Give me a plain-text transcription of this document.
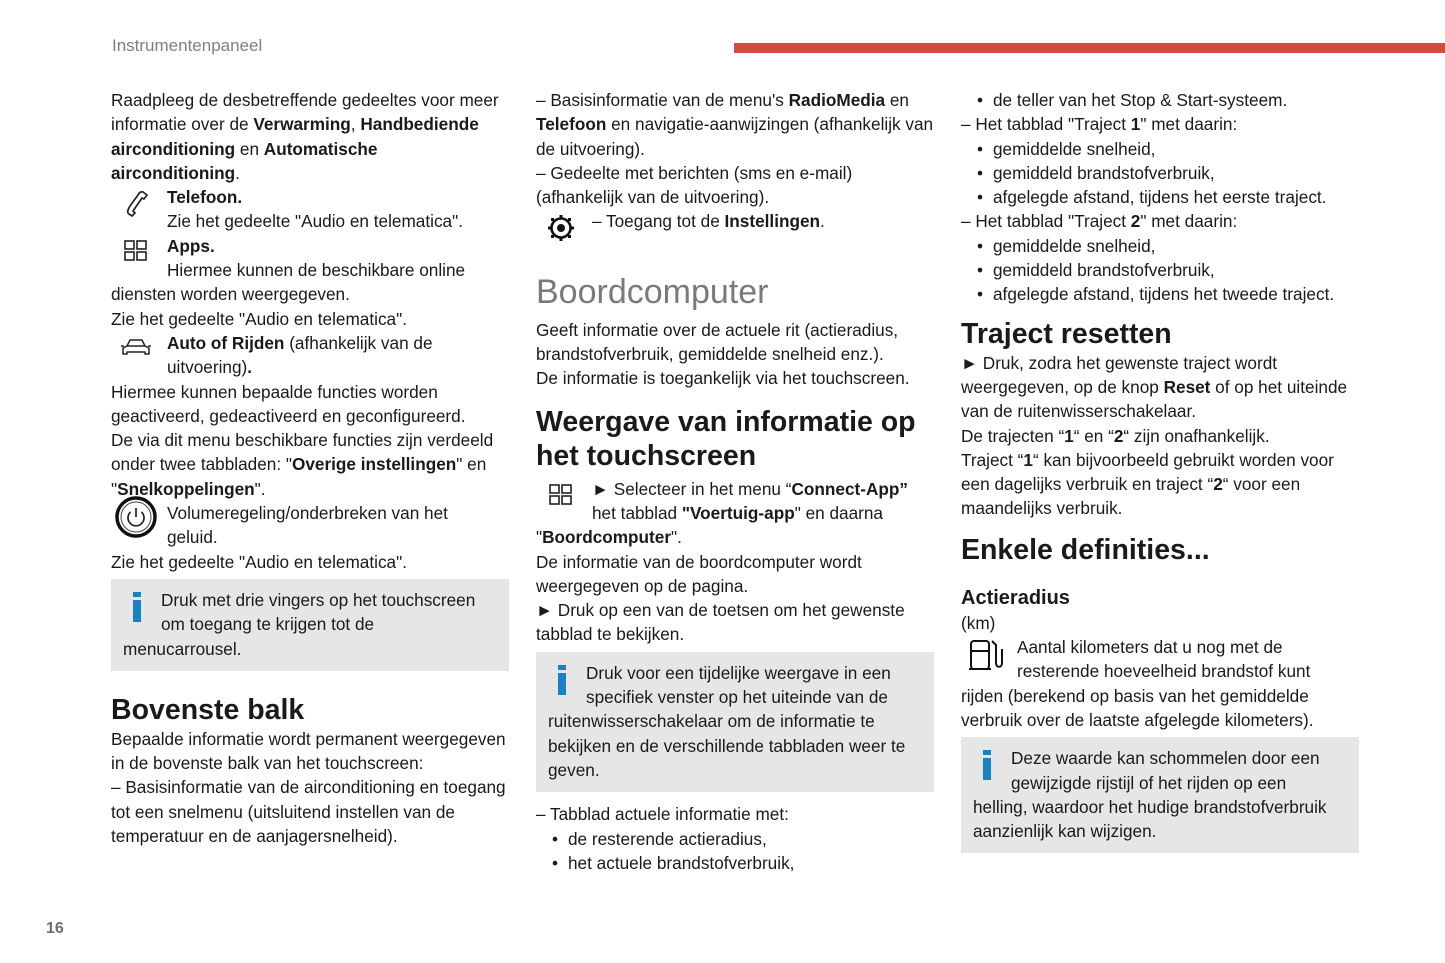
Instrumentenpaneel
16

Raadpleeg de desbetreffende gedeeltes voor meer informatie over de Verwarming, Handbediende airconditioning en Automatische airconditioning.

Telefoon.

Zie het gedeelte "Audio en telematica".

Apps.

Hiermee kunnen de beschikbare online

diensten worden weergegeven.

Zie het gedeelte "Audio en telematica".

Auto of Rijden (afhankelijk van de

uitvoering).

Hiermee kunnen bepaalde functies worden geactiveerd, gedeactiveerd en geconfigureerd.

De via dit menu beschikbare functies zijn verdeeld onder twee tabbladen: "Overige instellingen" en "Snelkoppelingen".

Volumeregeling/onderbreken van het

geluid.

Zie het gedeelte "Audio en telematica".

Druk met drie vingers op het touchscreen

om toegang te krijgen tot de

menucarrousel.

Bovenste balk

Bepaalde informatie wordt permanent weergegeven in de bovenste balk van het touchscreen:

– Basisinformatie van de airconditioning en toegang tot een snelmenu (uitsluitend instellen van de temperatuur en de aanjagersnelheid).

– Basisinformatie van de menu's RadioMedia en Telefoon en navigatie-aanwijzingen (afhankelijk van de uitvoering).

– Gedeelte met berichten (sms en e-mail) (afhankelijk van de uitvoering).

– Toegang tot de Instellingen.

Boordcomputer

Geeft informatie over de actuele rit (actieradius, brandstofverbruik, gemiddelde snelheid enz.).

De informatie is toegankelijk via het touchscreen.

Weergave van informatie op het touchscreen

► Selecteer in het menu “Connect-App”

het tabblad "Voertuig-app" en daarna

"Boordcomputer".

De informatie van de boordcomputer wordt weergegeven op de pagina.

► Druk op een van de toetsen om het gewenste tabblad te bekijken.

Druk voor een tijdelijke weergave in een

specifiek venster op het uiteinde van de

ruitenwisserschakelaar om de informatie te bekijken en de verschillende tabbladen weer te geven.

– Tabblad actuele informatie met:

• de resterende actieradius,

• het actuele brandstofverbruik,

• de teller van het Stop & Start-systeem.

– Het tabblad "Traject 1" met daarin:

• gemiddelde snelheid,

• gemiddeld brandstofverbruik,

• afgelegde afstand, tijdens het eerste traject.

– Het tabblad "Traject 2" met daarin:

• gemiddelde snelheid,

• gemiddeld brandstofverbruik,

• afgelegde afstand, tijdens het tweede traject.

Traject resetten

► Druk, zodra het gewenste traject wordt weergegeven, op de knop Reset of op het uiteinde van de ruitenwisserschakelaar.

De trajecten “1“ en “2“ zijn onafhankelijk.

Traject “1“ kan bijvoorbeeld gebruikt worden voor een dagelijks verbruik en traject “2“ voor een maandelijks verbruik.

Enkele definities...
Actieradius

(km)

Aantal kilometers dat u nog met de

resterende hoeveelheid brandstof kunt

rijden (berekend op basis van het gemiddelde verbruik over de laatste afgelegde kilometers).

Deze waarde kan schommelen door een

gewijzigde rijstijl of het rijden op een

helling, waardoor het hudige brandstofverbruik aanzienlijk kan wijzigen.
